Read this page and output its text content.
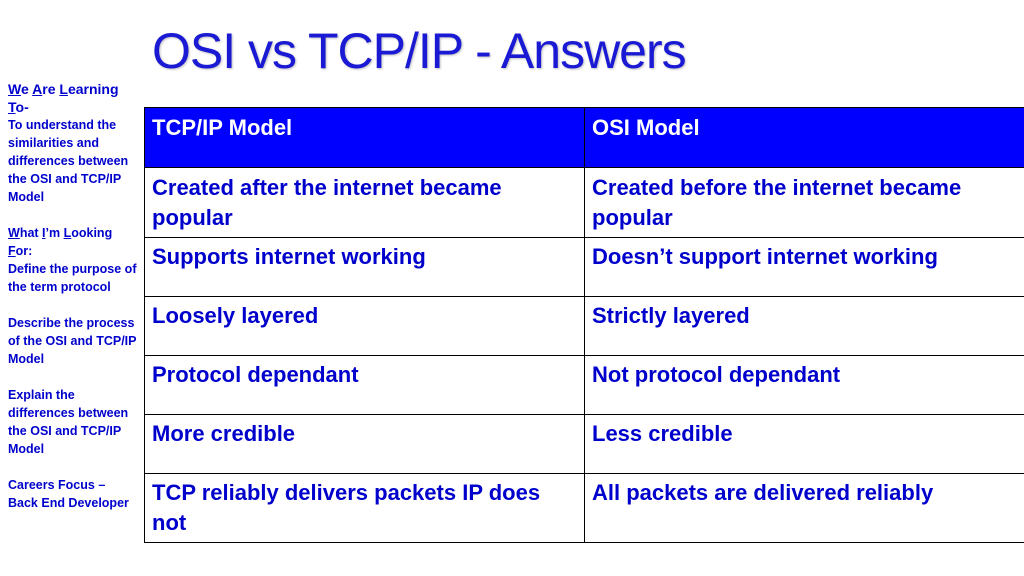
OSI vs TCP/IP - Answers
We Are Learning
To-

To understand the similarities and differences between the OSI and TCP/IP Model

What I’m Looking
For:

Define the purpose of the term protocol

Describe the process of the OSI and TCP/IP Model

Explain the differences between the OSI and TCP/IP Model

Careers Focus – Back End Developer

TCP/IP Model	OSI Model
Created after the internet became popular	Created before the internet became popular
Supports internet working	Doesn’t support internet working
Loosely layered	Strictly layered
Protocol dependant	Not protocol dependant
More credible	Less credible
TCP reliably delivers packets IP does not	All packets are delivered reliably
